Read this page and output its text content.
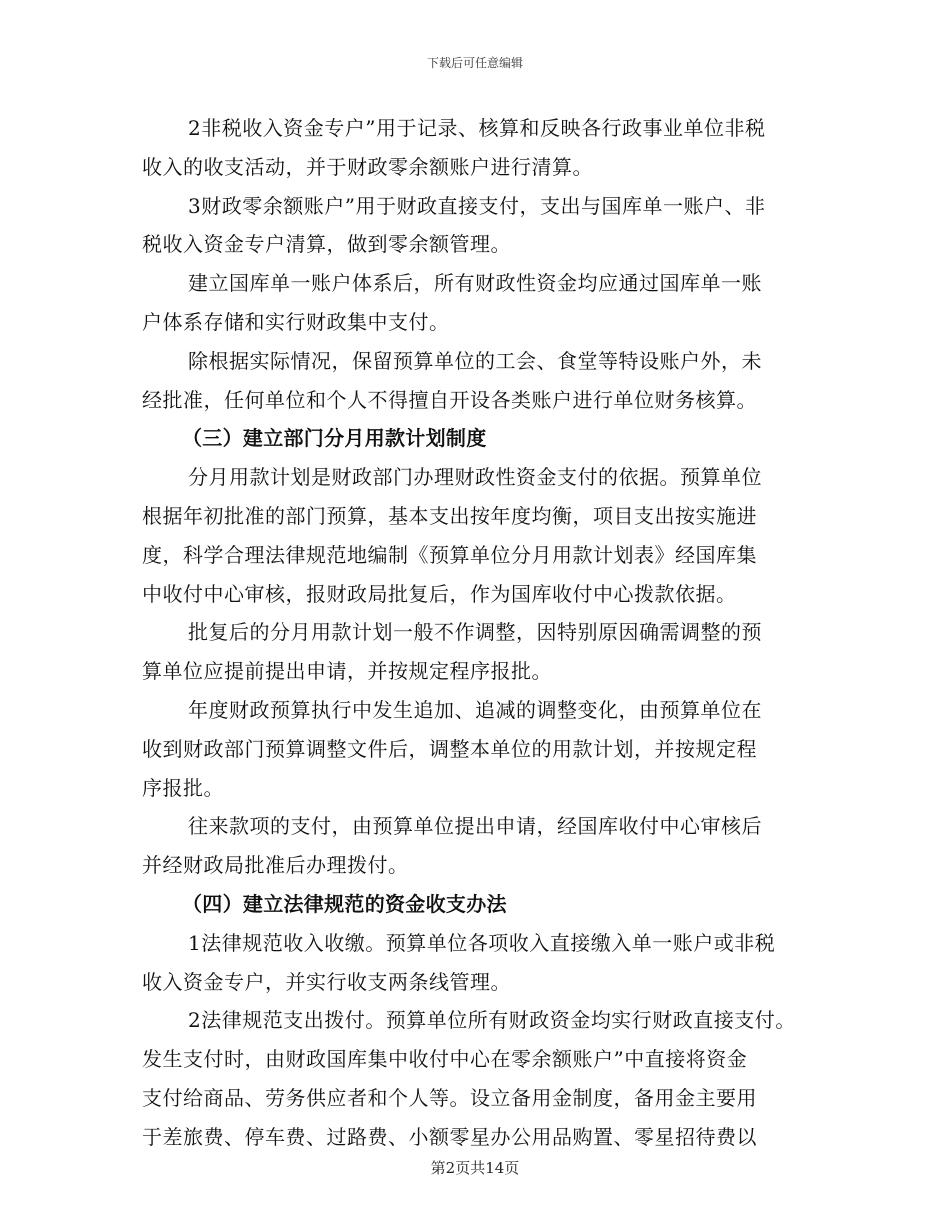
下载后可任意编辑
2非税收入资金专户”用于记录、核算和反映各行政事业单位非税
收入的收支活动，并于财政零余额账户进行清算。
3财政零余额账户”用于财政直接支付，支出与国库单一账户、非
税收入资金专户清算，做到零余额管理。
建立国库单一账户体系后，所有财政性资金均应通过国库单一账
户体系存储和实行财政集中支付。
除根据实际情况，保留预算单位的工会、食堂等特设账户外，未
经批准，任何单位和个人不得擅自开设各类账户进行单位财务核算。
（三）建立部门分月用款计划制度
分月用款计划是财政部门办理财政性资金支付的依据。预算单位
根据年初批准的部门预算，基本支出按年度均衡，项目支出按实施进
度，科学合理法律规范地编制《预算单位分月用款计划表》经国库集
中收付中心审核，报财政局批复后，作为国库收付中心拨款依据。
批复后的分月用款计划一般不作调整，因特别原因确需调整的预
算单位应提前提出申请，并按规定程序报批。
年度财政预算执行中发生追加、追减的调整变化，由预算单位在
收到财政部门预算调整文件后，调整本单位的用款计划，并按规定程
序报批。
往来款项的支付，由预算单位提出申请，经国库收付中心审核后
并经财政局批准后办理拨付。
（四）建立法律规范的资金收支办法
1法律规范收入收缴。预算单位各项收入直接缴入单一账户或非税
收入资金专户，并实行收支两条线管理。
2法律规范支出拨付。预算单位所有财政资金均实行财政直接支付。
发生支付时，由财政国库集中收付中心在零余额账户”中直接将资金
支付给商品、劳务供应者和个人等。设立备用金制度，备用金主要用
于差旅费、停车费、过路费、小额零星办公用品购置、零星招待费以
第2页共14页
